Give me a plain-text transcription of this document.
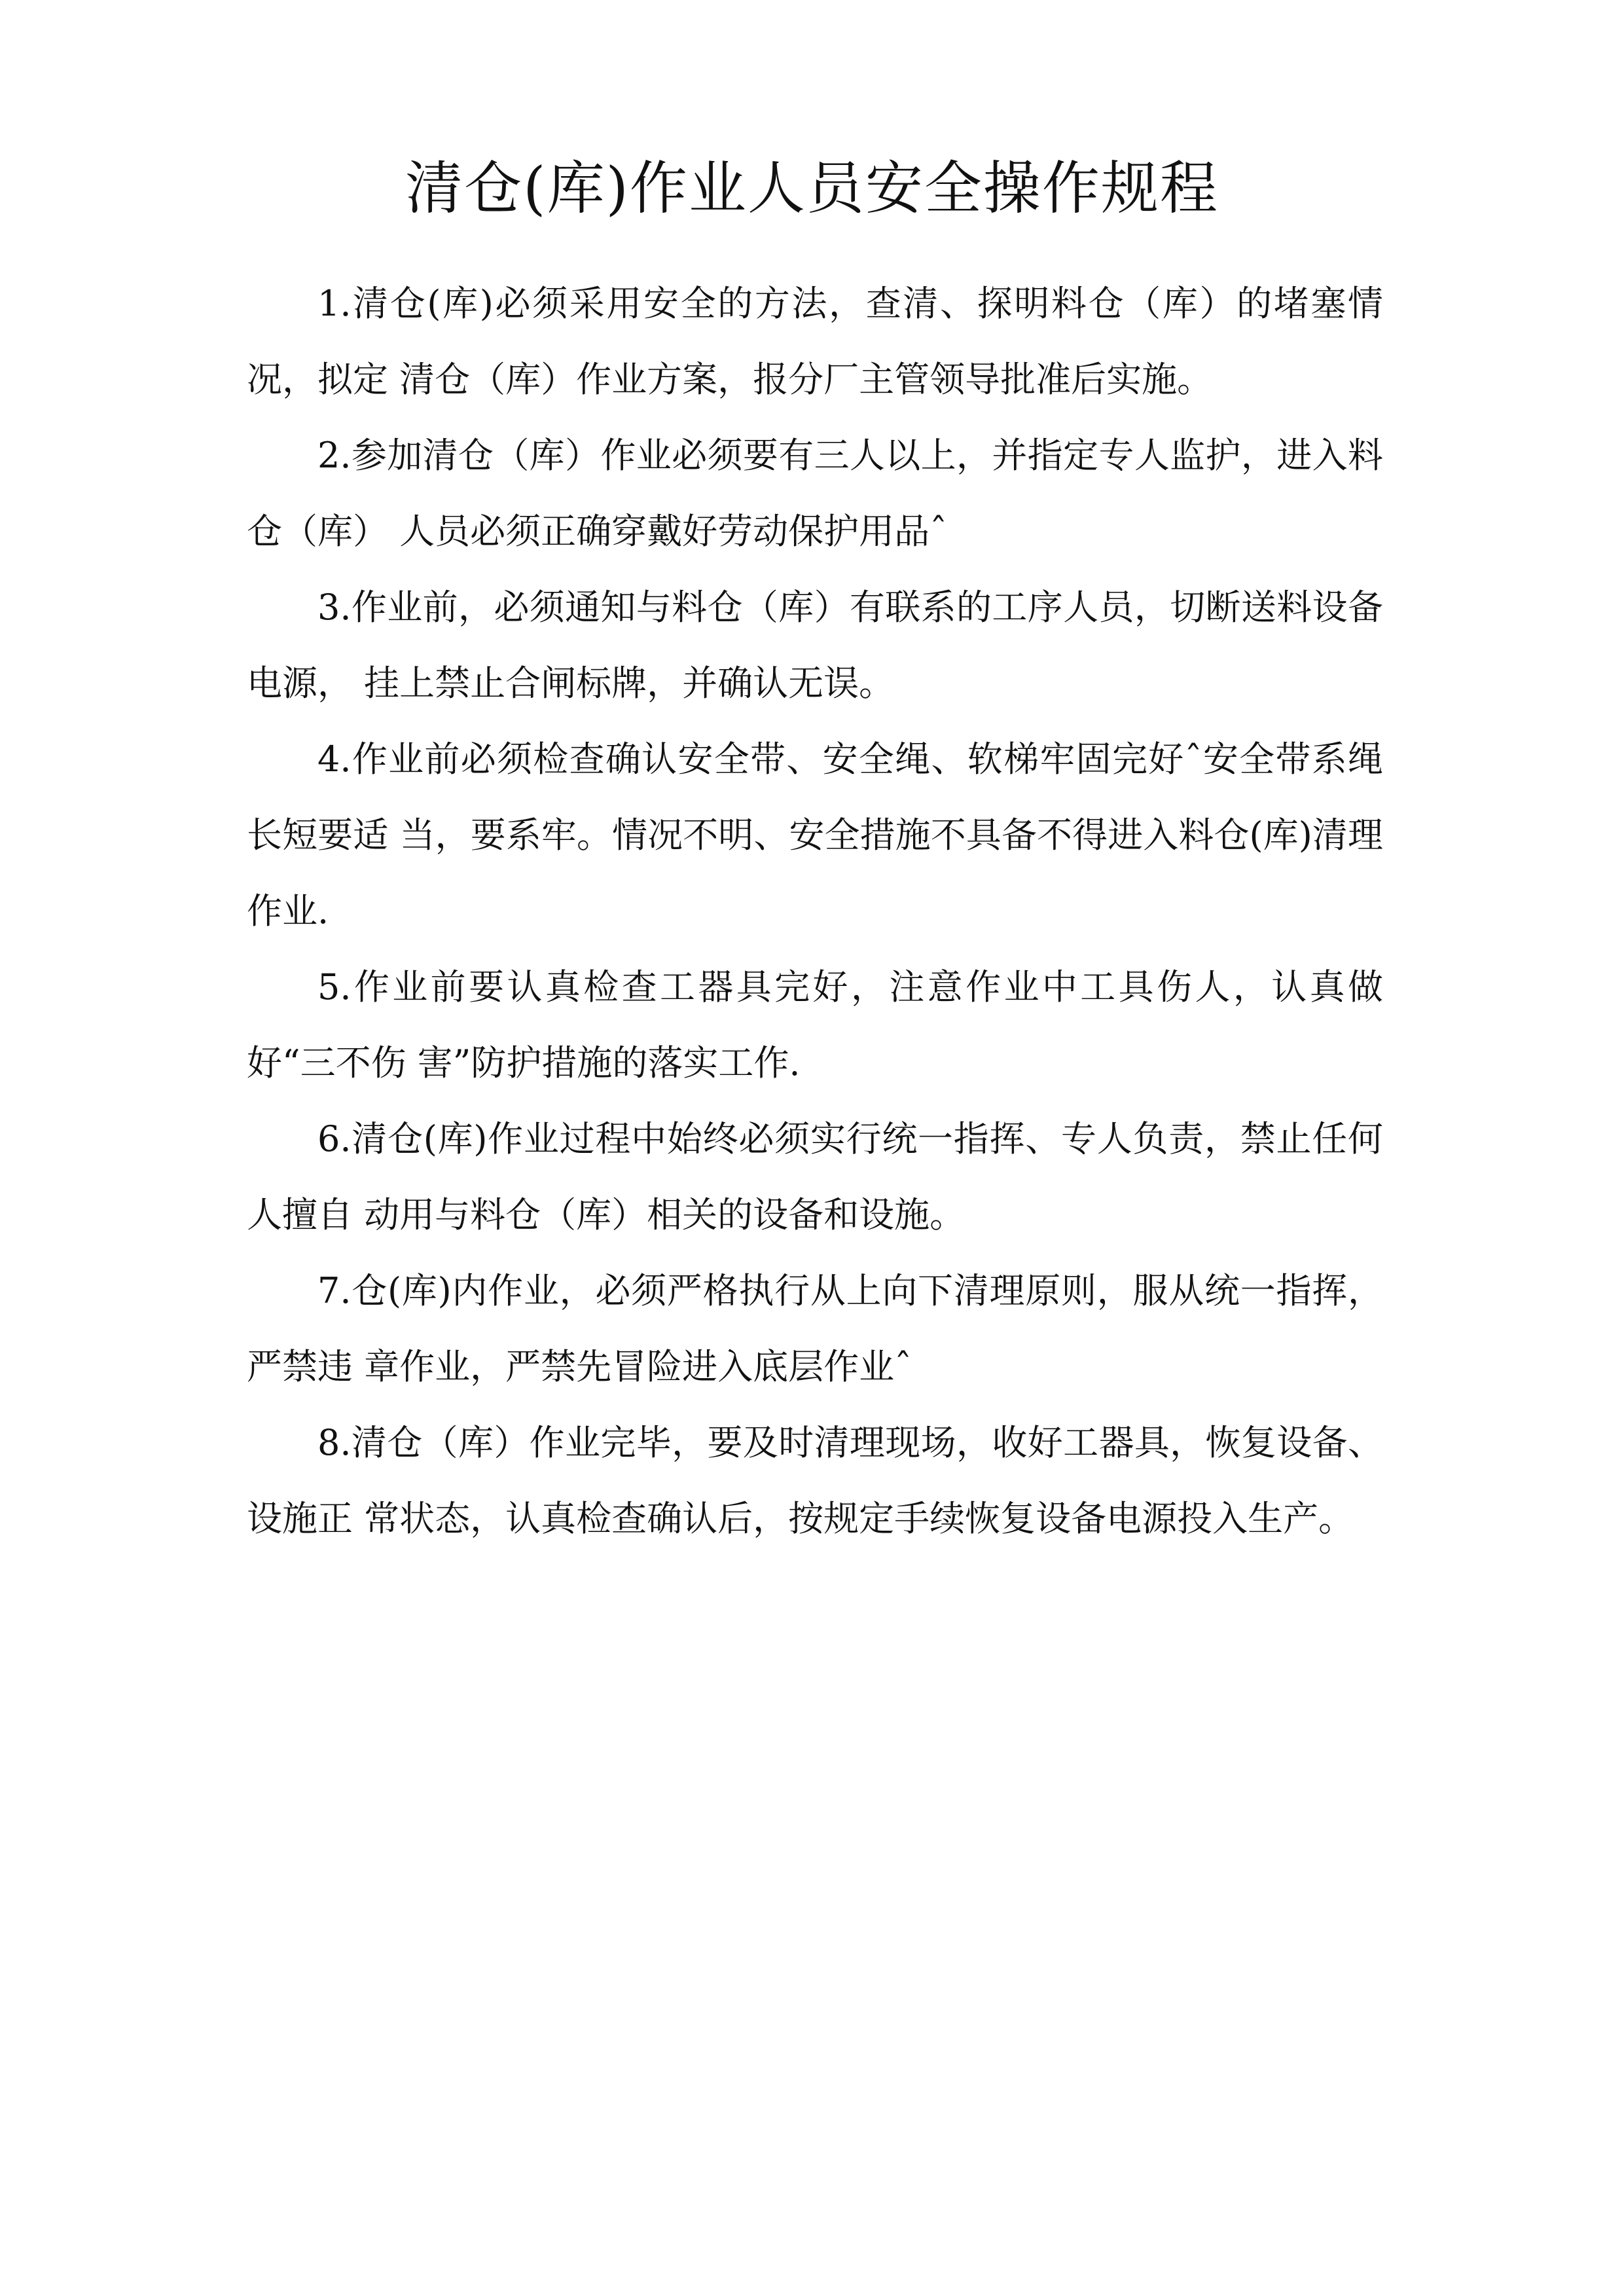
清仓(库)作业人员安全操作规程

1.清仓(库)必须采用安全的方法，查清、探明料仓（库）的堵塞情况，拟定 清仓（库）作业方案，报分厂主管领导批准后实施。

2.参加清仓（库）作业必须要有三人以上，并指定专人监护，进入料仓（库） 人员必须正确穿戴好劳动保护用品ˆ

3.作业前，必须通知与料仓（库）有联系的工序人员，切断送料设备电源， 挂上禁止合闸标牌，并确认无误。

4.作业前必须检查确认安全带、安全绳、软梯牢固完好ˆ安全带系绳长短要适 当，要系牢。情况不明、安全措施不具备不得进入料仓(库)清理作业.

5.作业前要认真检查工器具完好，注意作业中工具伤人，认真做好“三不伤 害”防护措施的落实工作.

6.清仓(库)作业过程中始终必须实行统一指挥、专人负责，禁止任何人擅自 动用与料仓（库）相关的设备和设施。

7.仓(库)内作业，必须严格执行从上向下清理原则，服从统一指挥，严禁违 章作业，严禁先冒险进入底层作业ˆ

8.清仓（库）作业完毕，要及时清理现场，收好工器具，恢复设备、设施正 常状态，认真检查确认后，按规定手续恢复设备电源投入生产。
